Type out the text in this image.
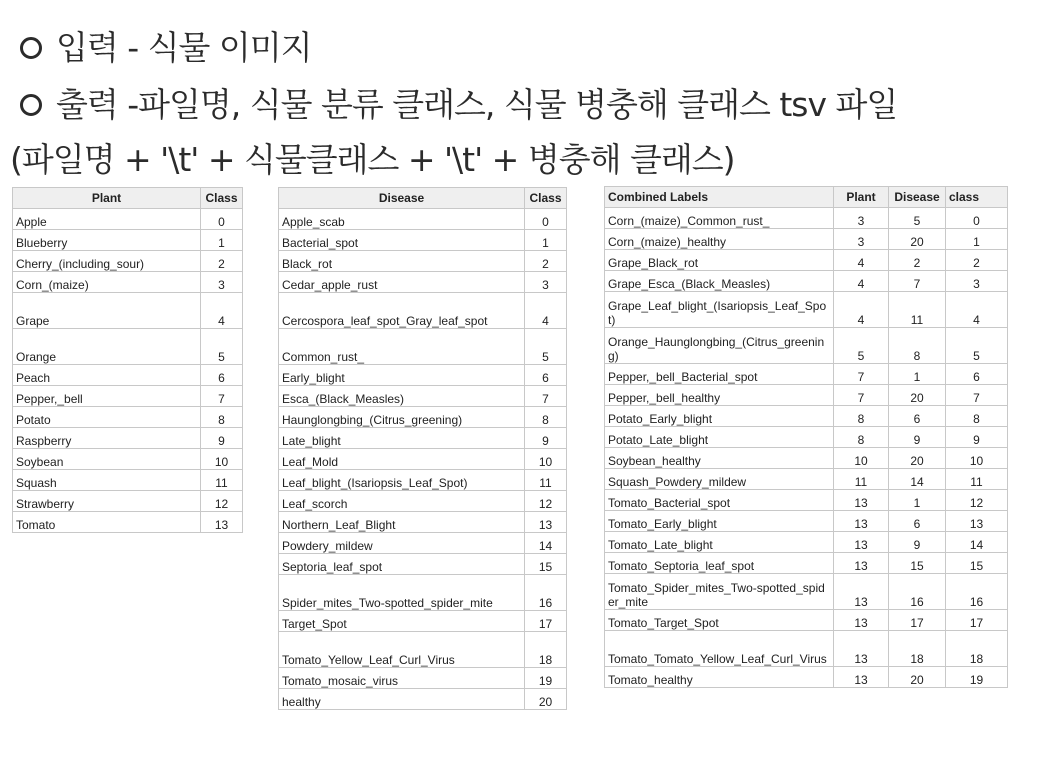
입력 - 식물 이미지
출력 -파일명, 식물 분류 클래스, 식물 병충해 클래스 tsv 파일
(파일명 + '\t' + 식물클래스 + '\t' + 병충해 클래스)
Plant	Class
Apple	0
Blueberry	1
Cherry_(including_sour)	2
Corn_(maize)	3
Grape	4
Orange	5
Peach	6
Pepper,_bell	7
Potato	8
Raspberry	9
Soybean	10
Squash	11
Strawberry	12
Tomato	13
Disease	Class
Apple_scab	0
Bacterial_spot	1
Black_rot	2
Cedar_apple_rust	3
Cercospora_leaf_spot_Gray_leaf_spot	4
Common_rust_	5
Early_blight	6
Esca_(Black_Measles)	7
Haunglongbing_(Citrus_greening)	8
Late_blight	9
Leaf_Mold	10
Leaf_blight_(Isariopsis_Leaf_Spot)	11
Leaf_scorch	12
Northern_Leaf_Blight	13
Powdery_mildew	14
Septoria_leaf_spot	15
Spider_mites_Two-spotted_spider_mite	16
Target_Spot	17
Tomato_Yellow_Leaf_Curl_Virus	18
Tomato_mosaic_virus	19
healthy	20
Combined Labels	Plant	Disease	class
Corn_(maize)_Common_rust_	3	5	0
Corn_(maize)_healthy	3	20	1
Grape_Black_rot	4	2	2
Grape_Esca_(Black_Measles)	4	7	3
Grape_Leaf_blight_(Isariopsis_Leaf_Spot)	4	11	4
Orange_Haunglongbing_(Citrus_greening)	5	8	5
Pepper,_bell_Bacterial_spot	7	1	6
Pepper,_bell_healthy	7	20	7
Potato_Early_blight	8	6	8
Potato_Late_blight	8	9	9
Soybean_healthy	10	20	10
Squash_Powdery_mildew	11	14	11
Tomato_Bacterial_spot	13	1	12
Tomato_Early_blight	13	6	13
Tomato_Late_blight	13	9	14
Tomato_Septoria_leaf_spot	13	15	15
Tomato_Spider_mites_Two-spotted_spider_mite	13	16	16
Tomato_Target_Spot	13	17	17
Tomato_Tomato_Yellow_Leaf_Curl_Virus	13	18	18
Tomato_healthy	13	20	19
